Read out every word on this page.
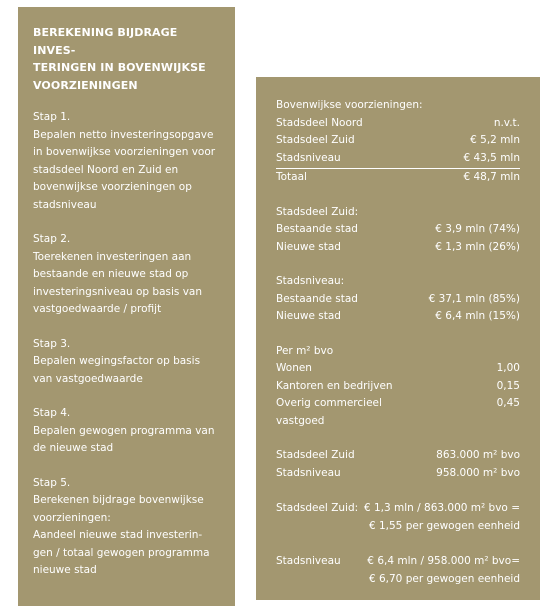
BEREKENING BIJDRAGE INVES-
TERINGEN IN BOVENWIJKSE
VOORZIENINGEN
Stap 1.
Bepalen netto investeringsopgave
in bovenwijkse voorzieningen voor
stadsdeel Noord en Zuid en
bovenwijkse voorzieningen op
stadsniveau
Stap 2.
Toerekenen investeringen aan
bestaande en nieuwe stad op
investeringsniveau op basis van
vastgoedwaarde / profijt
Stap 3.
Bepalen wegingsfactor op basis
van vastgoedwaarde
Stap 4.
Bepalen gewogen programma van
de nieuwe stad
Stap 5.
Berekenen bijdrage bovenwijkse
voorzieningen:
Aandeel nieuwe stad investerin-
gen / totaal gewogen programma
nieuwe stad
Bovenwijkse voorzieningen:
Stadsdeel Noord	n.v.t.
Stadsdeel Zuid	€ 5,2 mln
Stadsniveau	€ 43,5 mln
Totaal	€ 48,7 mln
Stadsdeel Zuid:
Bestaande stad	€ 3,9 mln (74%)
Nieuwe stad	€ 1,3 mln (26%)
Stadsniveau:
Bestaande stad	€ 37,1 mln (85%)
Nieuwe stad	€ 6,4 mln (15%)
Per m² bvo
Wonen	1,00
Kantoren en bedrijven	0,15
Overig commercieel	0,45
vastgoed
Stadsdeel Zuid	863.000 m² bvo
Stadsniveau	958.000 m² bvo
Stadsdeel Zuid: € 1,3 mln / 863.000 m² bvo =
€ 1,55 per gewogen eenheid
Stadsniveau	€ 6,4 mln / 958.000 m² bvo=
€ 6,70 per gewogen eenheid
